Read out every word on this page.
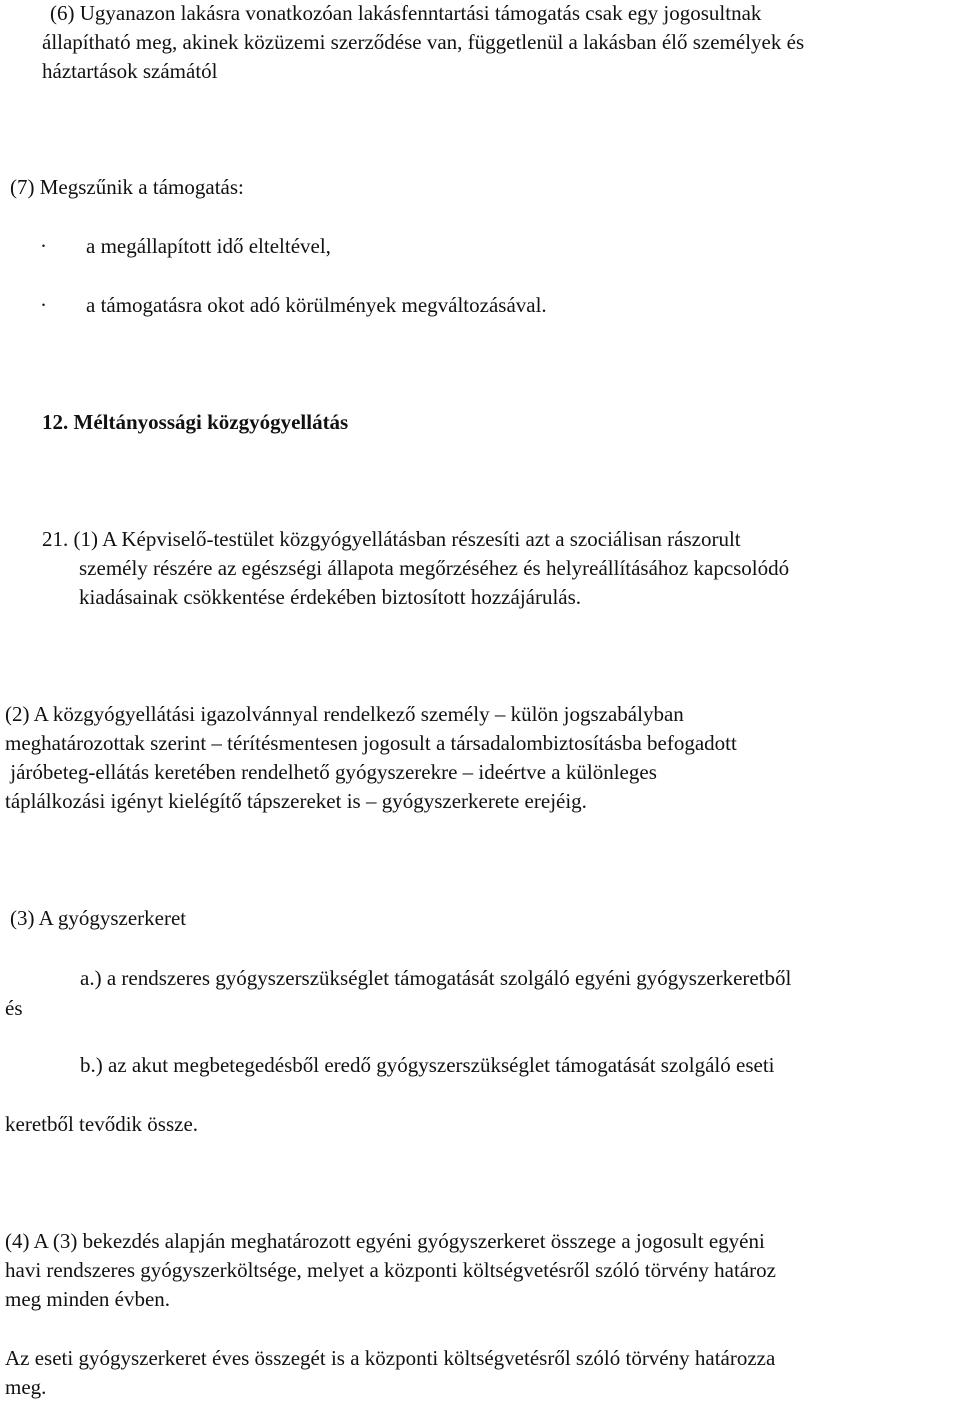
(6) Ugyanazon lakásra vonatkozóan lakásfenntartási támogatás csak egy jogosultnak
állapítható meg, akinek közüzemi szerződése van, függetlenül a lakásban élő személyek és
háztartások számától
(7) Megszűnik a támogatás:
· a megállapított idő elteltével,
· a támogatásra okot adó körülmények megváltozásával.
12. Méltányossági közgyógyellátás
21. (1) A Képviselő-testület közgyógyellátásban részesíti azt a szociálisan rászorult
személy részére az egészségi állapota megőrzéséhez és helyreállításához kapcsolódó
kiadásainak csökkentése érdekében biztosított hozzájárulás.
(2) A közgyógyellátási igazolvánnyal rendelkező személy – külön jogszabályban
meghatározottak szerint – térítésmentesen jogosult a társadalombiztosításba befogadott
járóbeteg-ellátás keretében rendelhető gyógyszerekre – ideértve a különleges
táplálkozási igényt kielégítő tápszereket is – gyógyszerkerete erejéig.
(3) A gyógyszerkeret
a.) a rendszeres gyógyszerszükséglet támogatását szolgáló egyéni gyógyszerkeretből
és
b.) az akut megbetegedésből eredő gyógyszerszükséglet támogatását szolgáló eseti
keretből tevődik össze.
(4) A (3) bekezdés alapján meghatározott egyéni gyógyszerkeret összege a jogosult egyéni
havi rendszeres gyógyszerköltsége, melyet a központi költségvetésről szóló törvény határoz
meg minden évben.
Az eseti gyógyszerkeret éves összegét is a központi költségvetésről szóló törvény határozza
meg.
